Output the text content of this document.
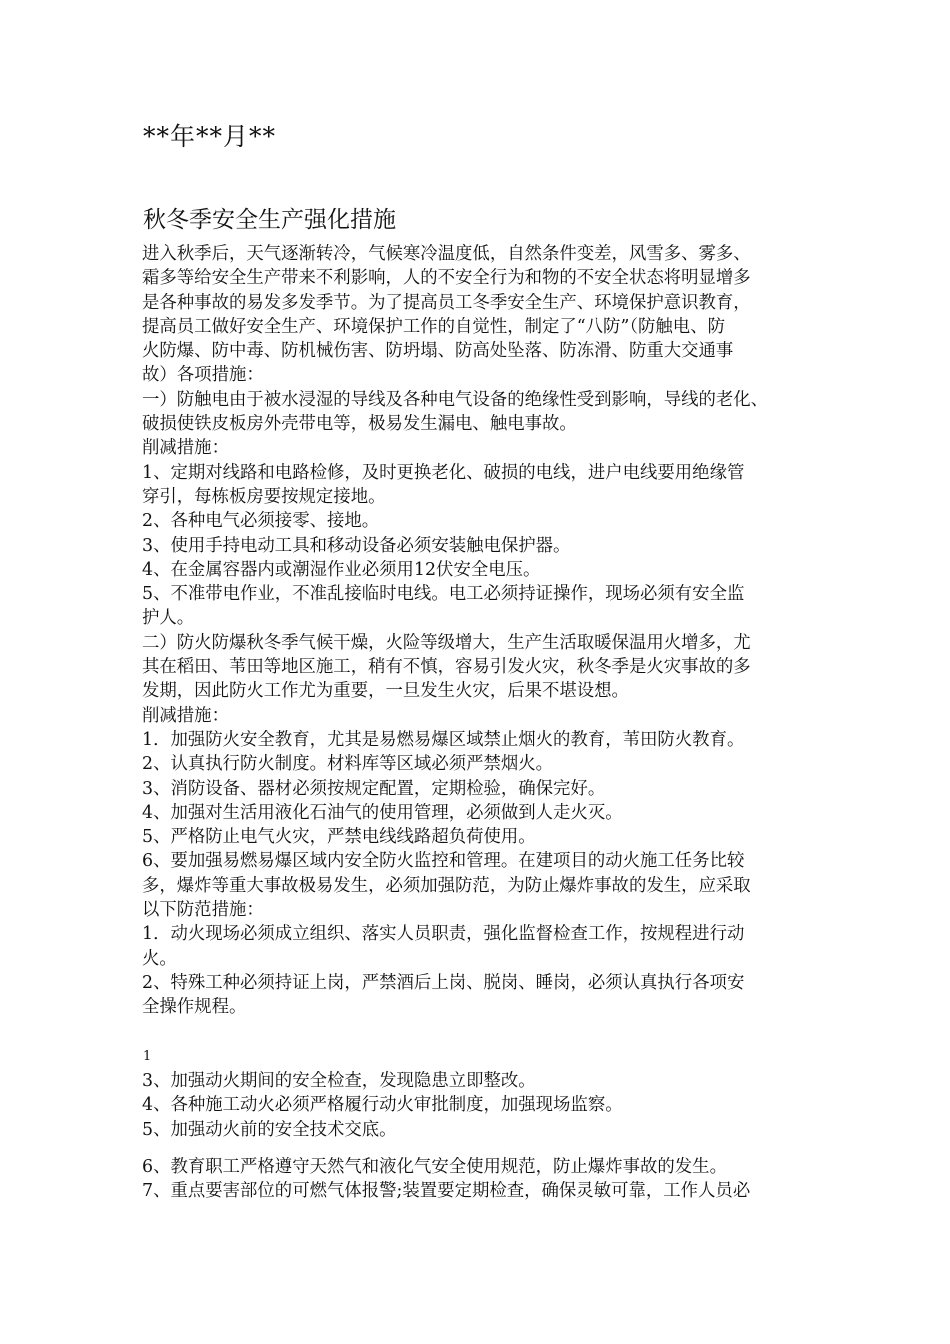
**年**月**
秋冬季安全生产强化措施
进入秋季后，天气逐渐转冷，气候寒冷温度低，自然条件变差，风雪多、雾多、
霜多等给安全生产带来不利影响，人的不安全行为和物的不安全状态将明显增多
是各种事故的易发多发季节。为了提高员工冬季安全生产、环境保护意识教育，
提高员工做好安全生产、环境保护工作的自觉性，制定了“八防”（防触电、防
火防爆、防中毒、防机械伤害、防坍塌、防高处坠落、防冻滑、防重大交通事
故）各项措施：
一）防触电由于被水浸湿的导线及各种电气设备的绝缘性受到影响，导线的老化、
破损使铁皮板房外壳带电等，极易发生漏电、触电事故。
削减措施：
1、定期对线路和电路检修，及时更换老化、破损的电线，进户电线要用绝缘管
穿引，每栋板房要按规定接地。
2、各种电气必须接零、接地。
3、使用手持电动工具和移动设备必须安装触电保护器。
4、在金属容器内或潮湿作业必须用12伏安全电压。
5、不准带电作业，不准乱接临时电线。电工必须持证操作，现场必须有安全监
护人。
二）防火防爆秋冬季气候干燥，火险等级增大，生产生活取暖保温用火增多，尤
其在稻田、苇田等地区施工，稍有不慎，容易引发火灾，秋冬季是火灾事故的多
发期，因此防火工作尤为重要，一旦发生火灾，后果不堪设想。
削减措施：
1．加强防火安全教育，尤其是易燃易爆区域禁止烟火的教育，苇田防火教育。
2、认真执行防火制度。材料库等区域必须严禁烟火。
3、消防设备、器材必须按规定配置，定期检验，确保完好。
4、加强对生活用液化石油气的使用管理，必须做到人走火灭。
5、严格防止电气火灾，严禁电线线路超负荷使用。
6、要加强易燃易爆区域内安全防火监控和管理。在建项目的动火施工任务比较
多，爆炸等重大事故极易发生，必须加强防范，为防止爆炸事故的发生，应采取
以下防范措施：
1．动火现场必须成立组织、落实人员职责，强化监督检查工作，按规程进行动
火。
2、特殊工种必须持证上岗，严禁酒后上岗、脱岗、睡岗，必须认真执行各项安
全操作规程。
1
3、加强动火期间的安全检查，发现隐患立即整改。
4、各种施工动火必须严格履行动火审批制度，加强现场监察。
5、加强动火前的安全技术交底。
6、教育职工严格遵守天然气和液化气安全使用规范，防止爆炸事故的发生。
7、重点要害部位的可燃气体报警;装置要定期检查，确保灵敏可靠，工作人员必
